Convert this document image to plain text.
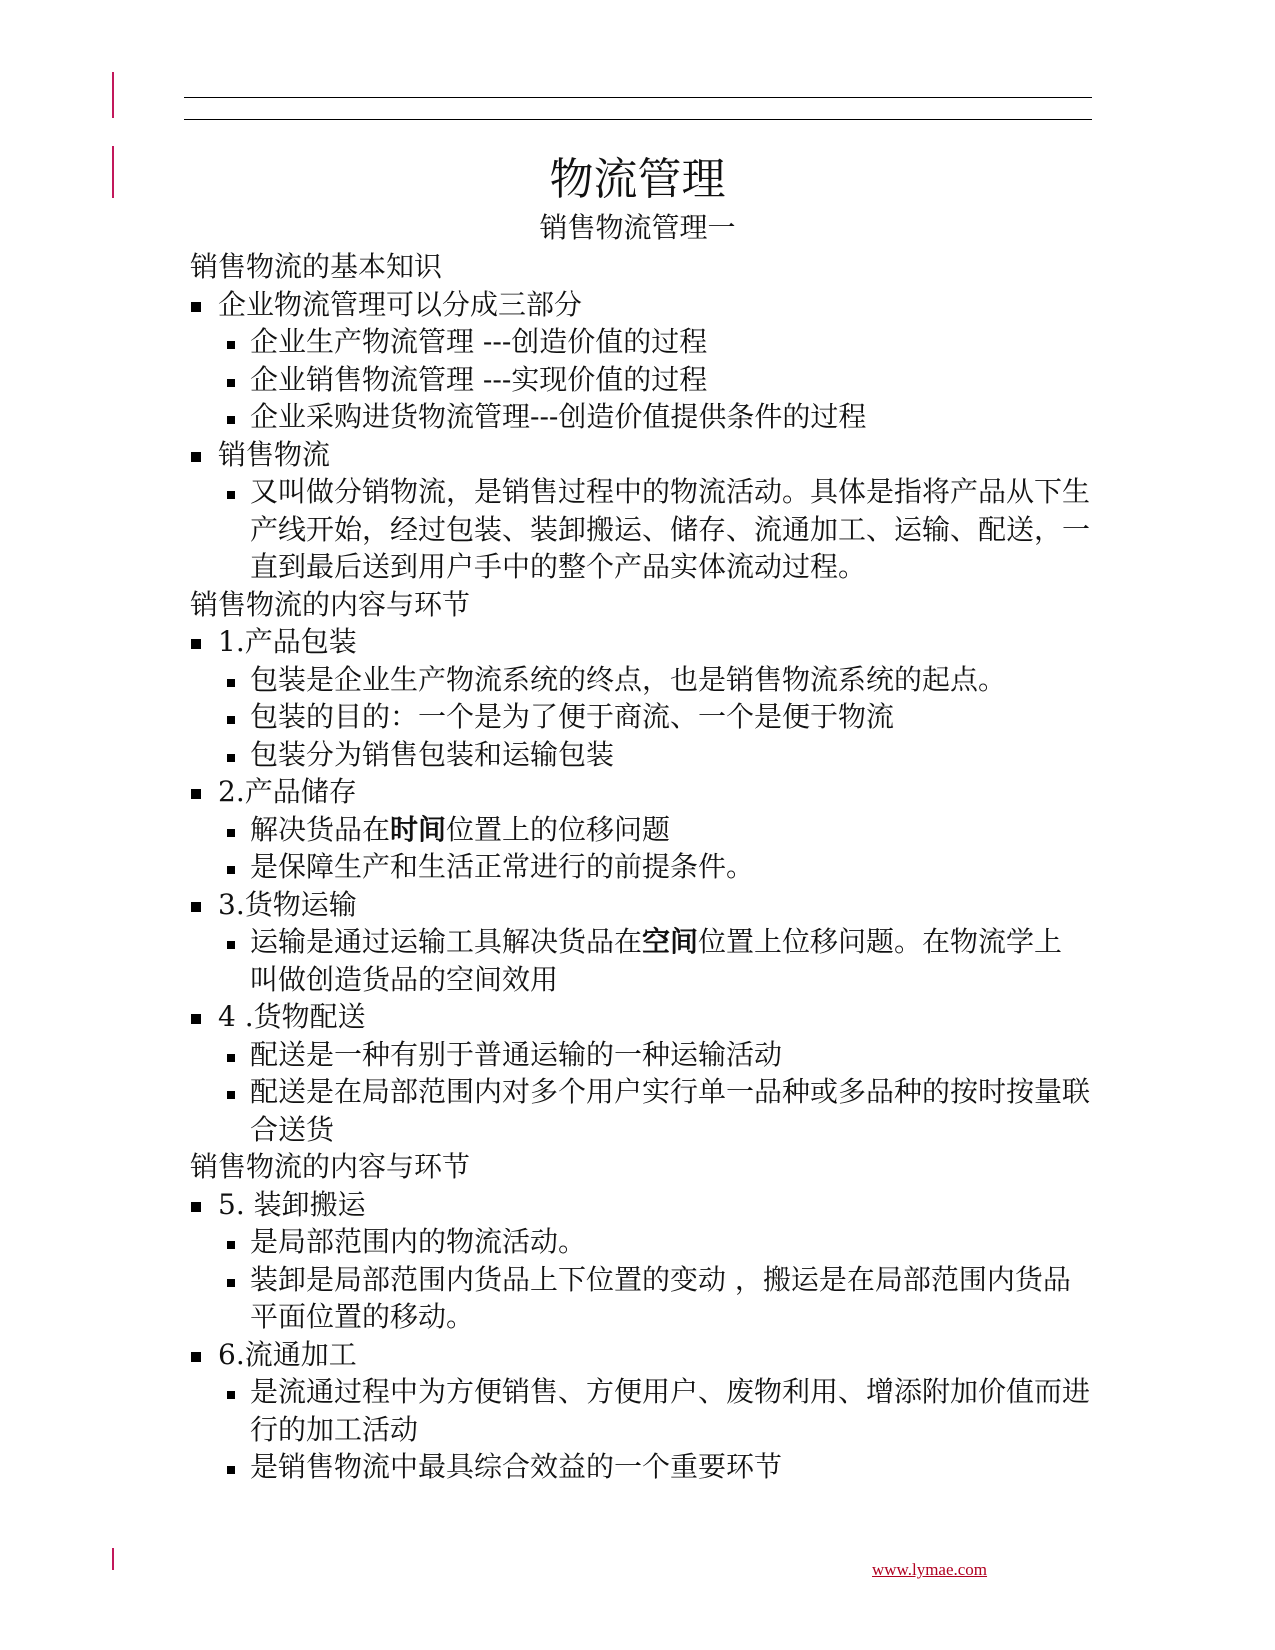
物流管理
销售物流管理一
销售物流的基本知识
企业物流管理可以分成三部分
企业生产物流管理 ---创造价值的过程
企业销售物流管理 ---实现价值的过程
企业采购进货物流管理---创造价值提供条件的过程
销售物流
又叫做分销物流，是销售过程中的物流活动。具体是指将产品从下生产线开始，经过包装、装卸搬运、储存、流通加工、运输、配送，一直到最后送到用户手中的整个产品实体流动过程。
销售物流的内容与环节
1.产品包装
包装是企业生产物流系统的终点，也是销售物流系统的起点。
包装的目的：一个是为了便于商流、一个是便于物流
包装分为销售包装和运输包装
2.产品储存
解决货品在时间位置上的位移问题
是保障生产和生活正常进行的前提条件。
3.货物运输
运输是通过运输工具解决货品在空间位置上位移问题。在物流学上叫做创造货品的空间效用
4 .货物配送
配送是一种有别于普通运输的一种运输活动
配送是在局部范围内对多个用户实行单一品种或多品种的按时按量联合送货
销售物流的内容与环节
5. 装卸搬运
是局部范围内的物流活动。
装卸是局部范围内货品上下位置的变动 ，搬运是在局部范围内货品平面位置的移动。
6.流通加工
是流通过程中为方便销售、方便用户、废物利用、增添附加价值而进行的加工活动
是销售物流中最具综合效益的一个重要环节
www.lymae.com
